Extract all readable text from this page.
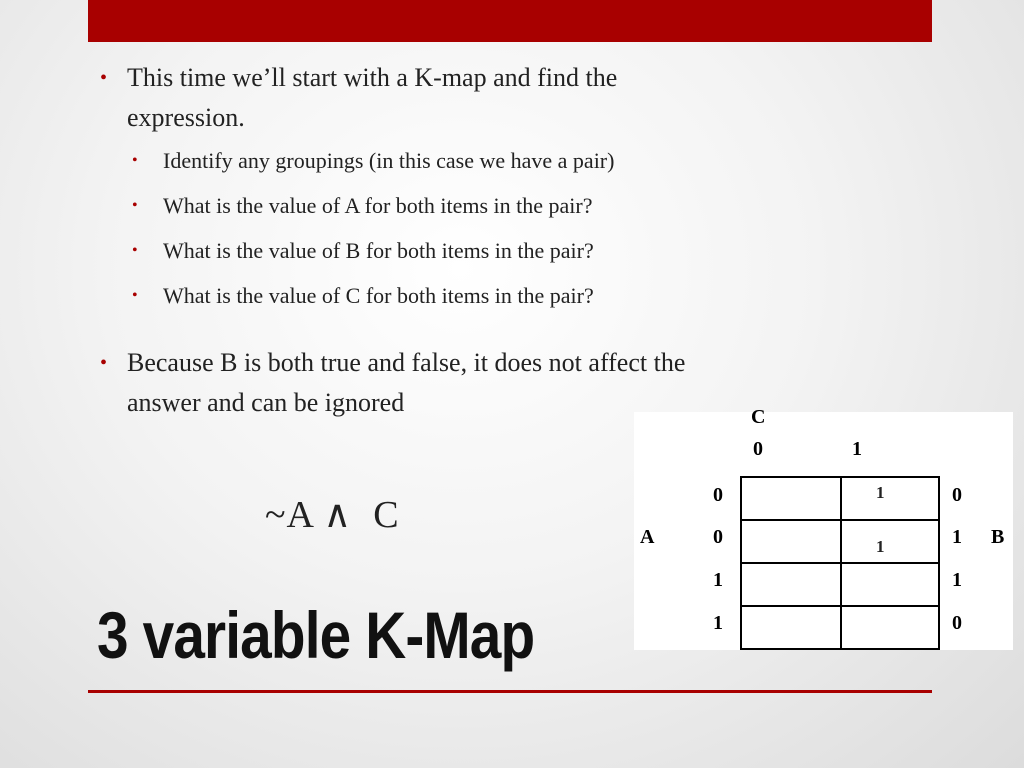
• This time we’ll start with a K-map and find the
expression.
• Identify any groupings (in this case we have a pair)
• What is the value of A for both items in the pair?
• What is the value of B for both items in the pair?
• What is the value of C for both items in the pair?
• Because B is both true and false, it does not affect the
answer and can be ignored
~A ∧  C
C
0	1
A	B
0
0
1
1
0
1
1
0
1
1
3 variable K-Map
